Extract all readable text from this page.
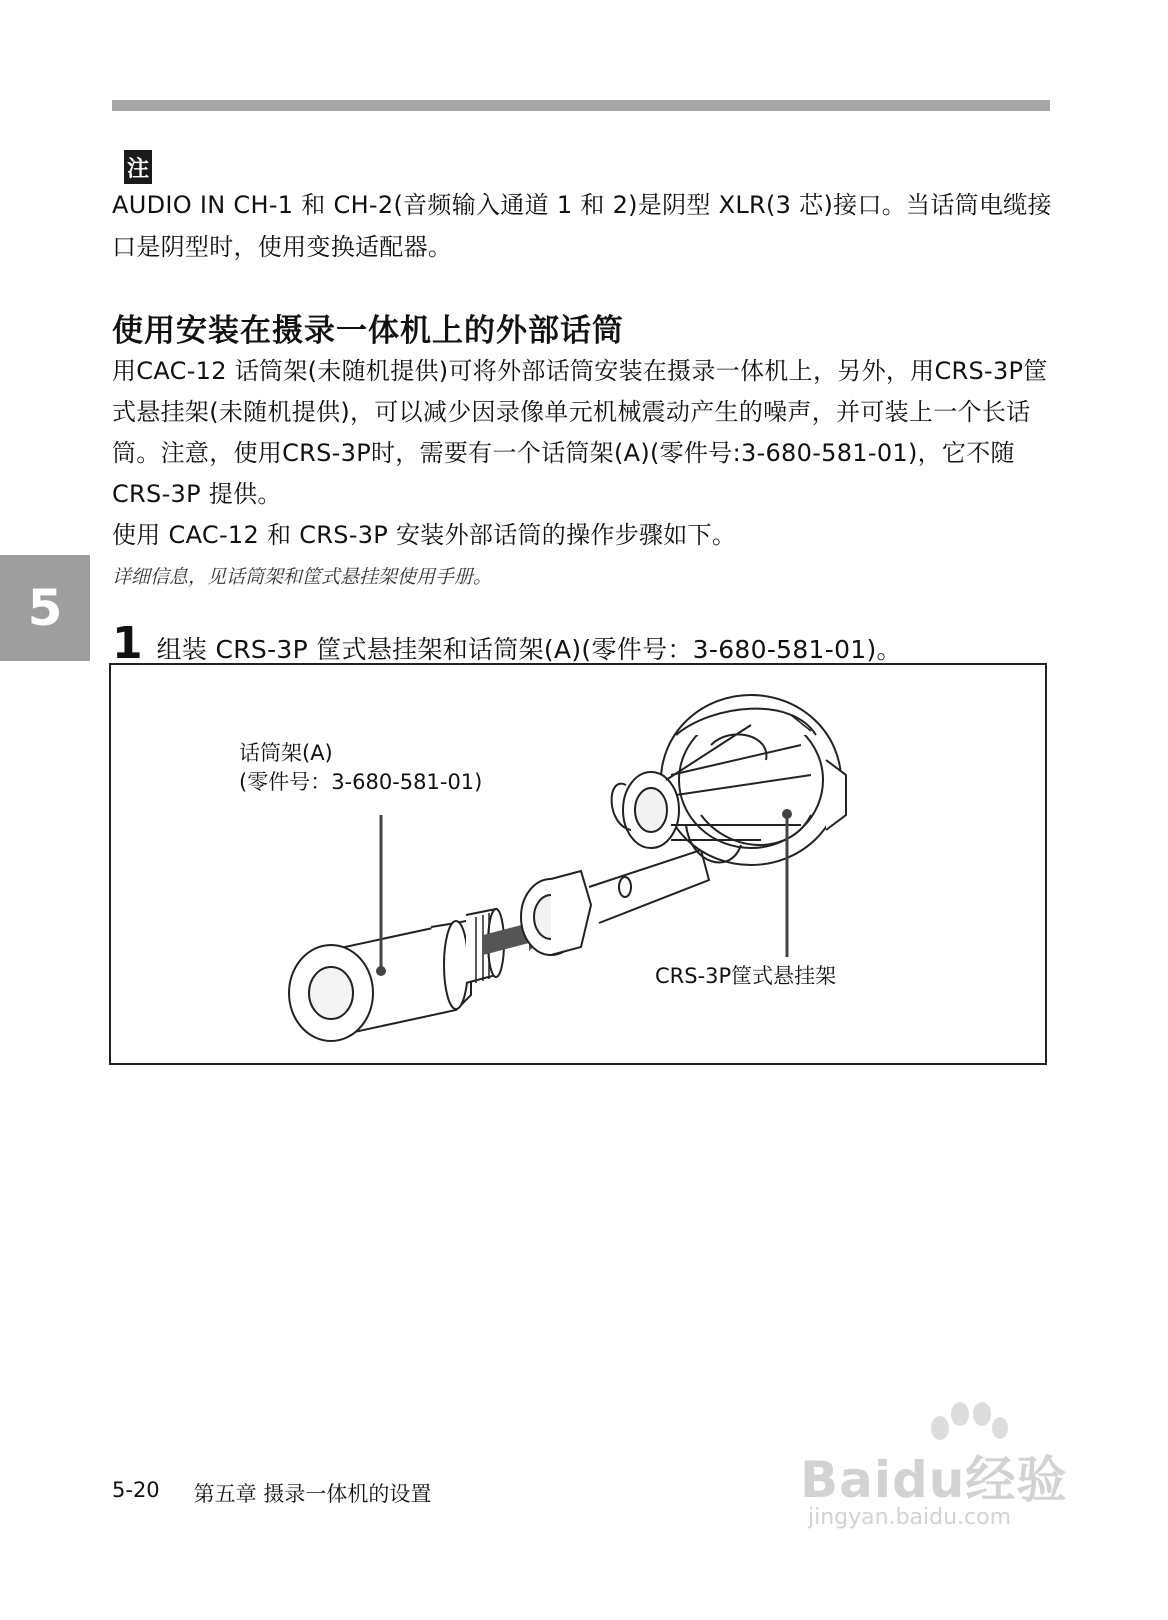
注
AUDIO IN CH-1 和 CH-2(音频输入通道 1 和 2)是阴型 XLR(3 芯)接口。当话筒电缆接口是阴型时，使用变换适配器。
使用安装在摄录一体机上的外部话筒

用CAC-12 话筒架(未随机提供)可将外部话筒安装在摄录一体机上，另外，用CRS-3P筐式悬挂架(未随机提供)，可以减少因录像单元机械震动产生的噪声，并可装上一个长话筒。注意，使用CRS-3P时，需要有一个话筒架(A)(零件号:3-680-581-01)，它不随 CRS-3P 提供。

使用 CAC-12 和 CRS-3P 安装外部话筒的操作步骤如下。

详细信息，见话筒架和筐式悬挂架使用手册。
5
1 组装 CRS-3P 筐式悬挂架和话筒架(A)(零件号：3-680-581-01)。
话筒架(A)
(零件号：3-680-581-01)
CRS-3P筐式悬挂架
5-20 第五章 摄录一体机的设置	Baidu经验
jingyan.baidu.com
